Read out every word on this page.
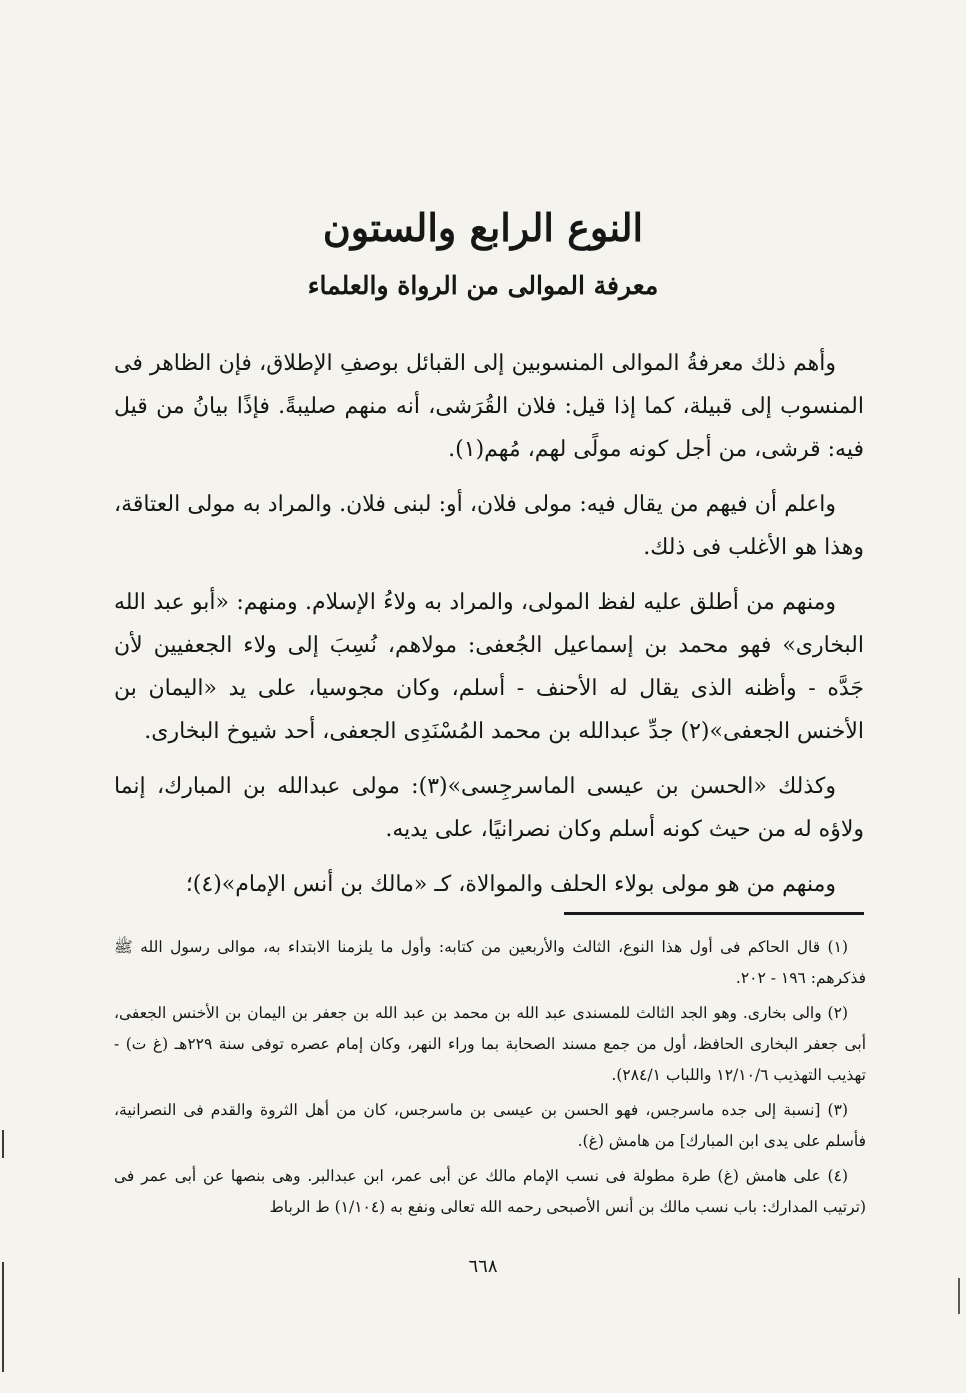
النوع الرابع والستون
معرفة الموالى من الرواة والعلماء

وأهم ذلك معرفةُ الموالى المنسوبين إلى القبائل بوصفِ الإطلاق، فإن الظاهر فى المنسوب إلى قبيلة، كما إذا قيل: فلان القُرَشى، أنه منهم صليبةً. فإذًا بيانُ من قيل فيه: قرشى، من أجل كونه مولًى لهم، مُهم(١).

واعلم أن فيهم من يقال فيه: مولى فلان، أو: لبنى فلان. والمراد به مولى العتاقة، وهذا هو الأغلب فى ذلك.

ومنهم من أطلق عليه لفظ المولى، والمراد به ولاءُ الإسلام. ومنهم: «أبو عبد الله البخارى» فهو محمد بن إسماعيل الجُعفى: مولاهم، نُسِبَ إلى ولاء الجعفيين لأن جَدَّه - وأظنه الذى يقال له الأحنف - أسلم، وكان مجوسيا، على يد «اليمان بن الأخنس الجعفى»(٢) جدِّ عبدالله بن محمد المُسْنَدِى الجعفى، أحد شيوخ البخارى.

وكذلك «الحسن بن عيسى الماسرجِسى»(٣): مولى عبدالله بن المبارك، إنما ولاؤه له من حيث كونه أسلم وكان نصرانيًا، على يديه.

ومنهم من هو مولى بولاء الحلف والموالاة، كـ «مالك بن أنس الإمام»(٤)؛

(١) قال الحاكم فى أول هذا النوع، الثالث والأربعين من كتابه: وأول ما يلزمنا الابتداء به، موالى رسول الله ﷺ فذكرهم: ١٩٦ - ٢٠٢.

(٢) والى بخارى. وهو الجد الثالث للمسندى عبد الله بن محمد بن عبد الله بن جعفر بن اليمان بن الأخنس الجعفى، أبى جعفر البخارى الحافظ، أول من جمع مسند الصحابة بما وراء النهر، وكان إمام عصره توفى سنة ٢٢٩هـ (غ ت) - تهذيب التهذيب ١٢/١٠/٦ واللباب ٢٨٤/١).

(٣) [نسبة إلى جده ماسرجس، فهو الحسن بن عيسى بن ماسرجس، كان من أهل الثروة والقدم فى النصرانية، فأسلم على يدى ابن المبارك] من هامش (غ).

(٤) على هامش (غ) طرة مطولة فى نسب الإمام مالك عن أبى عمر، ابن عبدالبر. وهى بنصها عن أبى عمر فى (ترتيب المدارك: باب نسب مالك بن أنس الأصبحى رحمه الله تعالى ونفع به (١/١٠٤) ط الرباط

٦٦٨
